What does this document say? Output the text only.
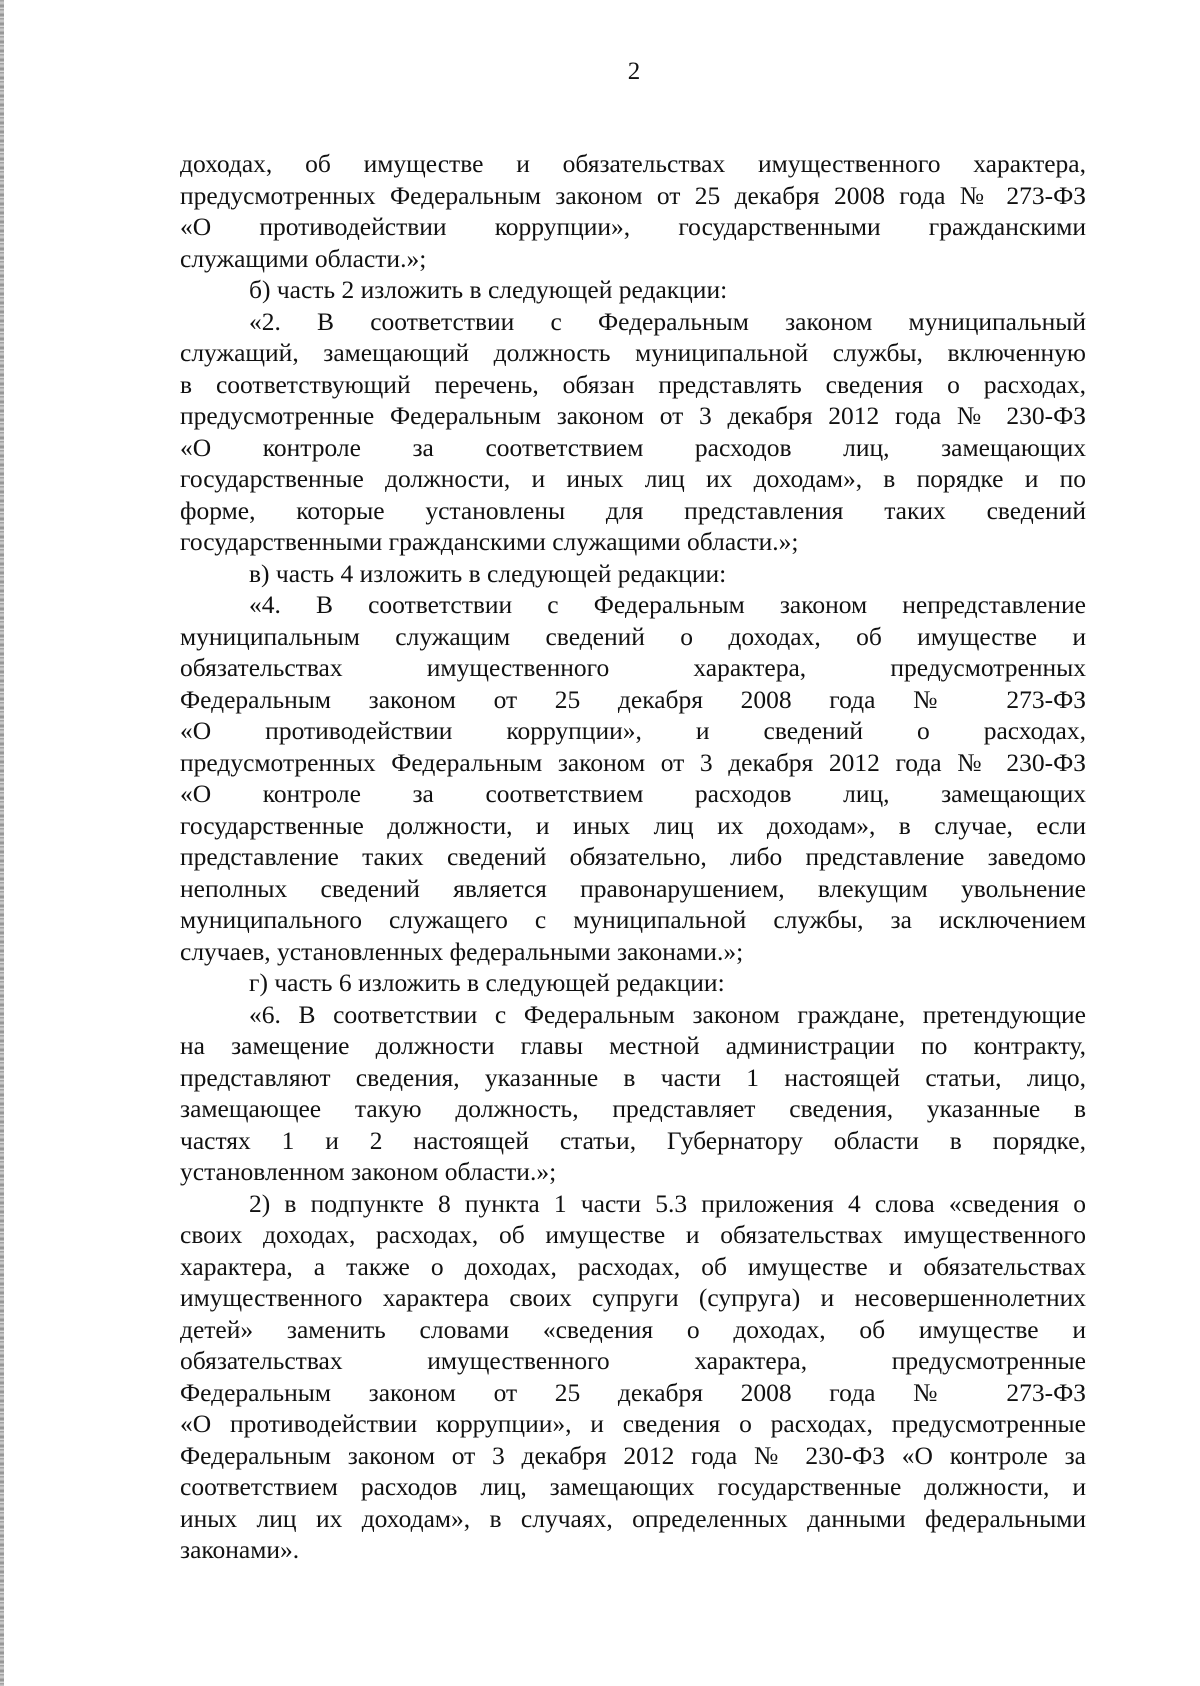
2

доходах, об имуществе и обязательствах имущественного характера,
предусмотренных Федеральным законом от 25 декабря 2008 года № 273-ФЗ
«О противодействии коррупции», государственными гражданскими
служащими области.»;

б) часть 2 изложить в следующей редакции:

«2. В соответствии с Федеральным законом муниципальный
служащий, замещающий должность муниципальной службы, включенную
в соответствующий перечень, обязан представлять сведения о расходах,
предусмотренные Федеральным законом от 3 декабря 2012 года № 230-ФЗ
«О контроле за соответствием расходов лиц, замещающих
государственные должности, и иных лиц их доходам», в порядке и по
форме, которые установлены для представления таких сведений
государственными гражданскими служащими области.»;

в) часть 4 изложить в следующей редакции:

«4. В соответствии с Федеральным законом непредставление
муниципальным служащим сведений о доходах, об имуществе и
обязательствах имущественного характера, предусмотренных
Федеральным законом от 25 декабря 2008 года № 273-ФЗ
«О противодействии коррупции», и сведений о расходах,
предусмотренных Федеральным законом от 3 декабря 2012 года № 230-ФЗ
«О контроле за соответствием расходов лиц, замещающих
государственные должности, и иных лиц их доходам», в случае, если
представление таких сведений обязательно, либо представление заведомо
неполных сведений является правонарушением, влекущим увольнение
муниципального служащего с муниципальной службы, за исключением
случаев, установленных федеральными законами.»;

г) часть 6 изложить в следующей редакции:

«6. В соответствии с Федеральным законом граждане, претендующие
на замещение должности главы местной администрации по контракту,
представляют сведения, указанные в части 1 настоящей статьи, лицо,
замещающее такую должность, представляет сведения, указанные в
частях 1 и 2 настоящей статьи, Губернатору области в порядке,
установленном законом области.»;

2) в подпункте 8 пункта 1 части 5.3 приложения 4 слова «сведения о
своих доходах, расходах, об имуществе и обязательствах имущественного
характера, а также о доходах, расходах, об имуществе и обязательствах
имущественного характера своих супруги (супруга) и несовершеннолетних
детей» заменить словами «сведения о доходах, об имуществе и
обязательствах имущественного характера, предусмотренные
Федеральным законом от 25 декабря 2008 года № 273-ФЗ
«О противодействии коррупции», и сведения о расходах, предусмотренные
Федеральным законом от 3 декабря 2012 года № 230-ФЗ «О контроле за
соответствием расходов лиц, замещающих государственные должности, и
иных лиц их доходам», в случаях, определенных данными федеральными
законами».
